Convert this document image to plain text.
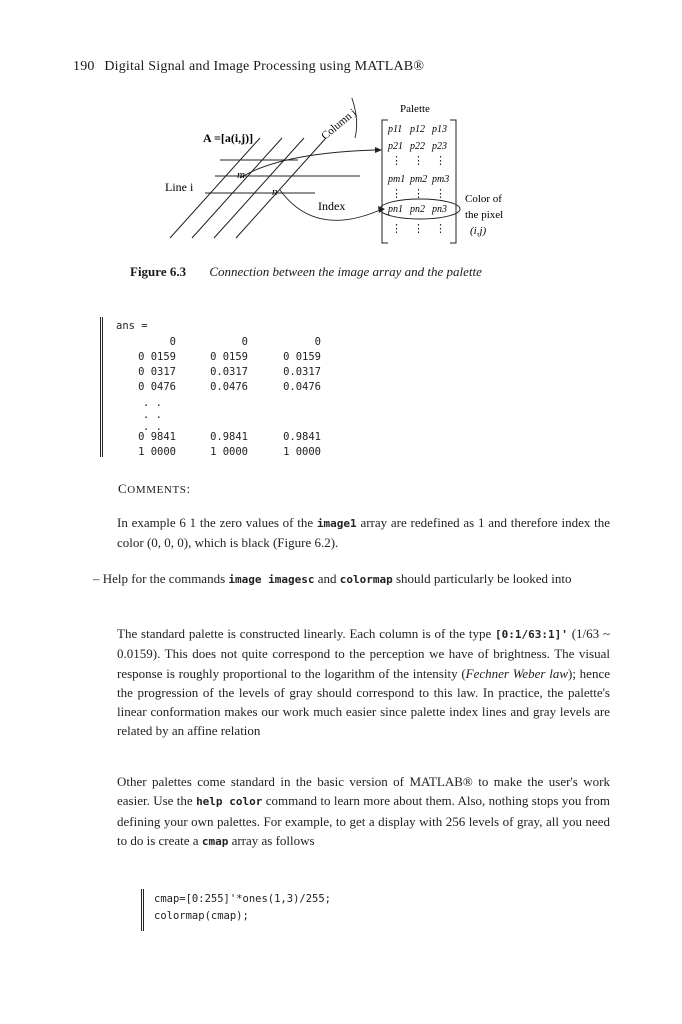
190 Digital Signal and Image Processing using MATLAB®
A =[a(i,j)]	Column j	Palette
Line i
m
n
Index
p11 p12 p13
p21 p22 p23
pm1 pm2 pm3
pn1 pn2 pn3
⋮ ⋮ ⋮
⋮ ⋮ ⋮
⋮ ⋮ ⋮
Color of
the pixel
(i,j)
Figure 6.3 Connection between the image array and the palette
ans =
0	0	0
0 0159	0 0159	0 0159
0 0317	0.0317	0.0317
0 0476	0.0476	0.0476
. .
. .
. .
0 9841	0.9841	0.9841
1 0000	1 0000	1 0000
COMMENTS:
In example 6 1 the zero values of the image1 array are redefined as 1 and therefore index the color (0, 0, 0), which is black (Figure 6.2).
– Help for the commands image imagesc and colormap should particularly be looked into
The standard palette is constructed linearly. Each column is of the type [0:1/63:1]' (1/63 ~ 0.0159). This does not quite correspond to the perception we have of brightness. The visual response is roughly proportional to the logarithm of the intensity (Fechner Weber law); hence the progression of the levels of gray should correspond to this law. In practice, the palette's linear conformation makes our work much easier since palette index lines and gray levels are related by an affine relation
Other palettes come standard in the basic version of MATLAB® to make the user's work easier. Use the help color command to learn more about them. Also, nothing stops you from defining your own palettes. For example, to get a display with 256 levels of gray, all you need to do is create a cmap array as follows
cmap=[0:255]'*ones(1,3)/255;
colormap(cmap);
